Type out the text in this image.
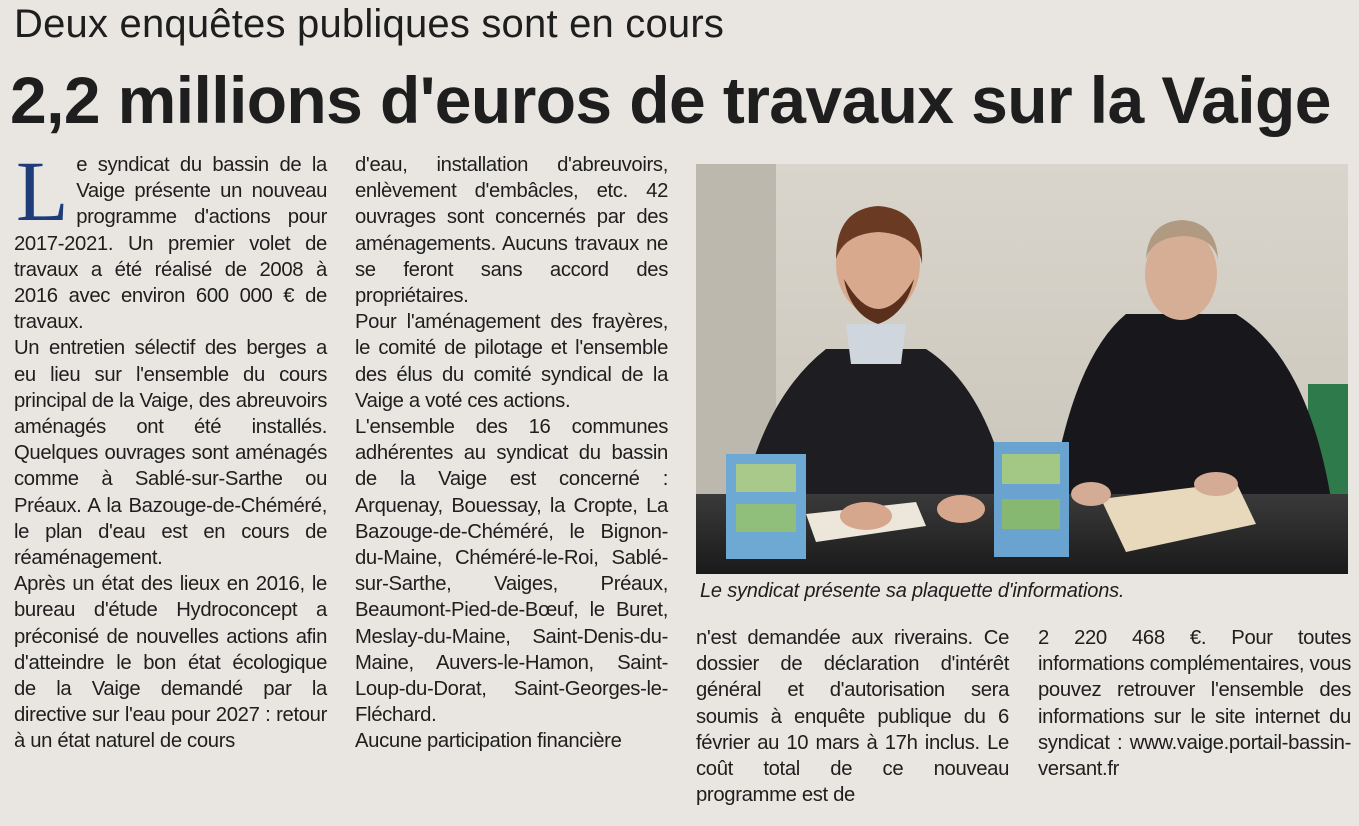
Deux enquêtes publiques sont en cours
2,2 millions d'euros de travaux sur la Vaige

Le syndicat du bassin de la Vaige présente un nouveau programme d'actions pour 2017-2021. Un premier volet de travaux a été réalisé de 2008 à 2016 avec environ 600 000 € de travaux.

Un entretien sélectif des berges a eu lieu sur l'ensemble du cours principal de la Vaige, des abreuvoirs aménagés ont été installés. Quelques ouvrages sont aménagés comme à Sablé-sur-Sarthe ou Préaux. A la Bazouge-de-Chéméré, le plan d'eau est en cours de réaménagement.

Après un état des lieux en 2016, le bureau d'étude Hydroconcept a préconisé de nouvelles actions afin d'atteindre le bon état écologique de la Vaige demandé par la directive sur l'eau pour 2027 : retour à un état naturel de cours

d'eau, installation d'abreuvoirs, enlèvement d'embâcles, etc. 42 ouvrages sont concernés par des aménagements. Aucuns travaux ne se feront sans accord des propriétaires.

Pour l'aménagement des frayères, le comité de pilotage et l'ensemble des élus du comité syndical de la Vaige a voté ces actions.

L'ensemble des 16 communes adhérentes au syndicat du bassin de la Vaige est concerné : Arquenay, Bouessay, la Cropte, La Bazouge-de-Chéméré, le Bignon-du-Maine, Chéméré-le-Roi, Sablé-sur-Sarthe, Vaiges, Préaux, Beaumont-Pied-de-Bœuf, le Buret, Meslay-du-Maine, Saint-Denis-du-Maine, Auvers-le-Hamon, Saint-Loup-du-Dorat, Saint-Georges-le-Fléchard.

Aucune participation financière

Le syndicat présente sa plaquette d'informations.

n'est demandée aux riverains. Ce dossier de déclaration d'intérêt général et d'autorisation sera soumis à enquête publique du 6 février au 10 mars à 17h inclus. Le coût total de ce nouveau programme est de

2 220 468 €. Pour toutes informations complémentaires, vous pouvez retrouver l'ensemble des informations sur le site internet du syndicat : www.vaige.portail-bassin-versant.fr
